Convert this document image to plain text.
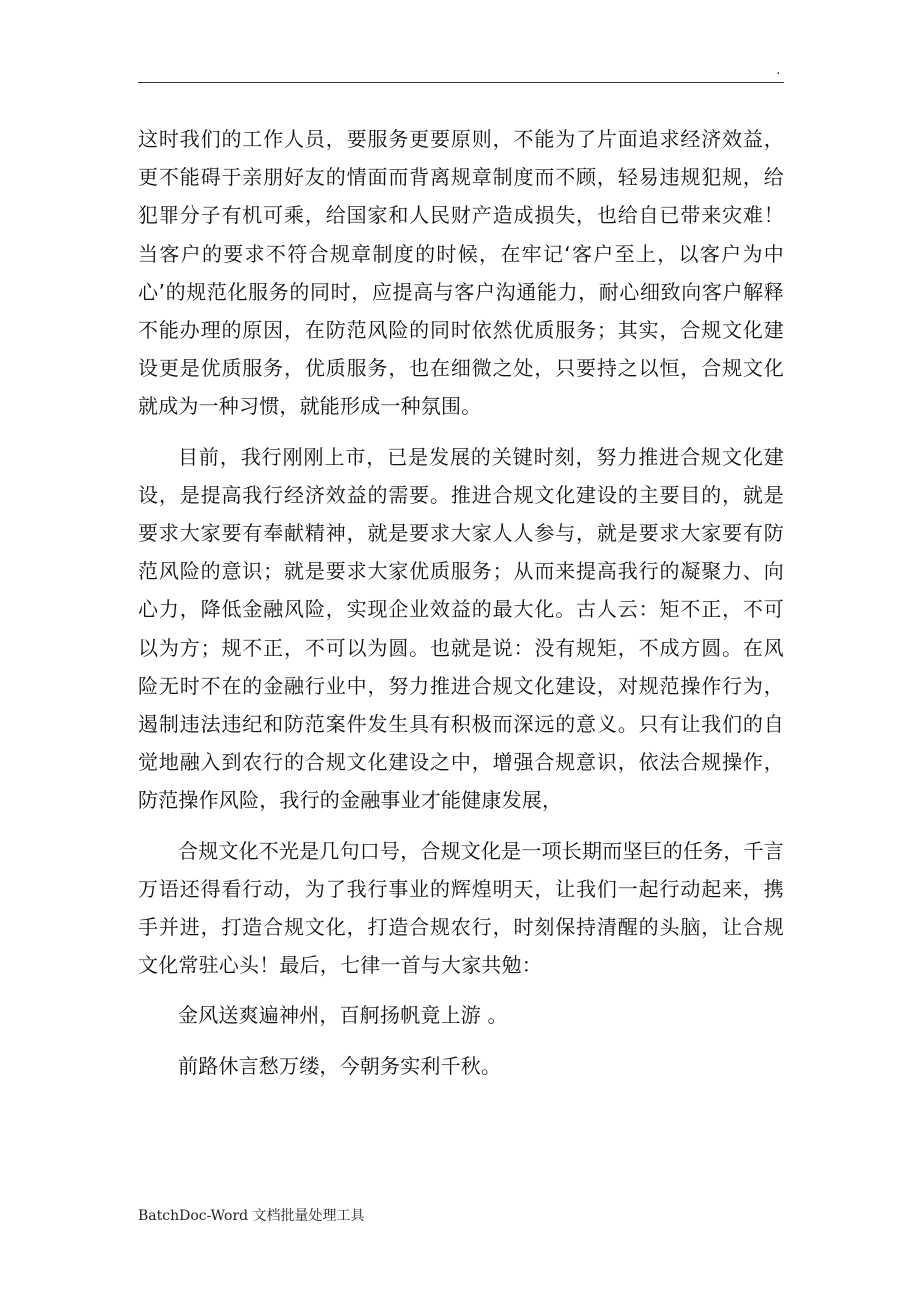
.

这时我们的工作人员，要服务更要原则，不能为了片面追求经济效益，更不能碍于亲朋好友的情面而背离规章制度而不顾，轻易违规犯规，给犯罪分子有机可乘，给国家和人民财产造成损失，也给自已带来灾难！当客户的要求不符合规章制度的时候，在牢记‘客户至上，以客户为中心’的规范化服务的同时，应提高与客户沟通能力，耐心细致向客户解释不能办理的原因，在防范风险的同时依然优质服务；其实，合规文化建设更是优质服务，优质服务，也在细微之处，只要持之以恒，合规文化就成为一种习惯，就能形成一种氛围。

目前，我行刚刚上市，已是发展的关键时刻，努力推进合规文化建设，是提高我行经济效益的需要。推进合规文化建设的主要目的，就是要求大家要有奉献精神，就是要求大家人人参与，就是要求大家要有防范风险的意识；就是要求大家优质服务；从而来提高我行的凝聚力、向心力，降低金融风险，实现企业效益的最大化。古人云：矩不正，不可以为方；规不正，不可以为圆。也就是说：没有规矩，不成方圆。在风险无时不在的金融行业中，努力推进合规文化建设，对规范操作行为，遏制违法违纪和防范案件发生具有积极而深远的意义。只有让我们的自觉地融入到农行的合规文化建设之中，增强合规意识，依法合规操作，防范操作风险，我行的金融事业才能健康发展，

合规文化不光是几句口号，合规文化是一项长期而坚巨的任务，千言万语还得看行动，为了我行事业的辉煌明天，让我们一起行动起来，携手并进，打造合规文化，打造合规农行，时刻保持清醒的头脑，让合规文化常驻心头！最后，七律一首与大家共勉：

金风送爽遍神州，百舸扬帆竟上游 。

前路休言愁万缕，今朝务实利千秋。

BatchDoc-Word 文档批量处理工具
